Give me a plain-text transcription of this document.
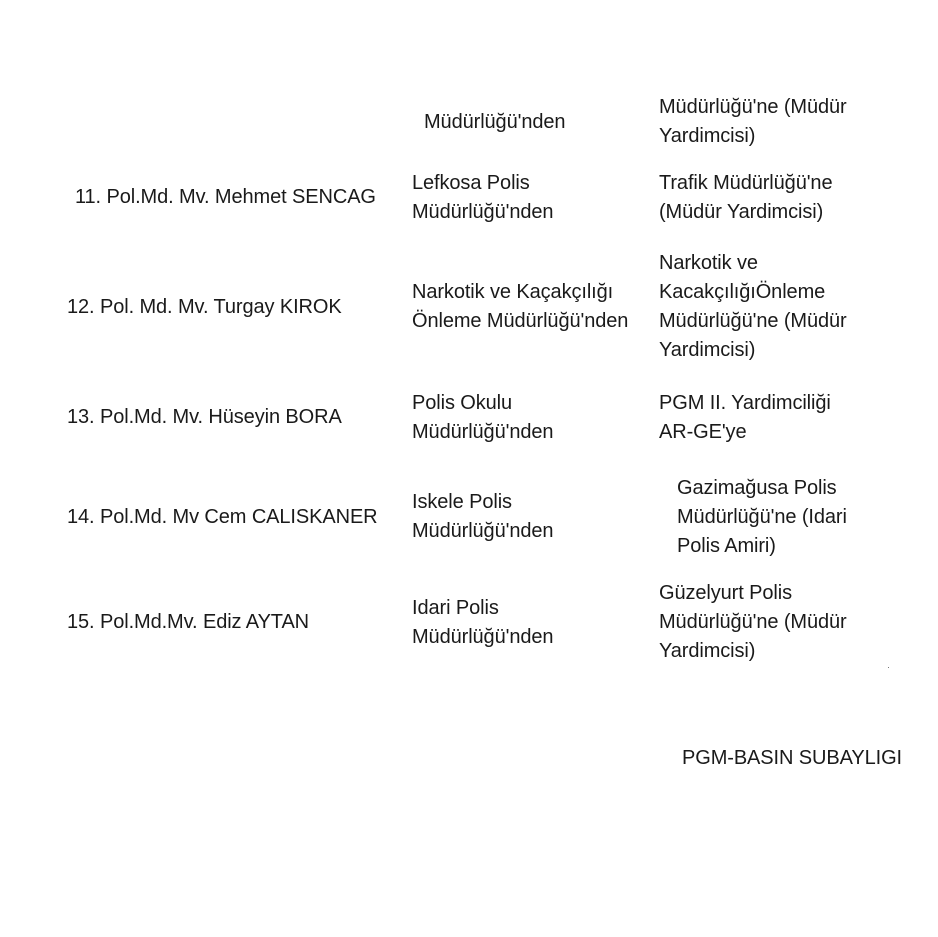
Müdürlüğü'nden
Müdürlüğü'ne (Müdür
Yardimcisi)
11. Pol.Md. Mv. Mehmet SENCAG
Lefkosa Polis
Müdürlüğü'nden
Trafik Müdürlüğü'ne
(Müdür Yardimcisi)
12. Pol. Md. Mv. Turgay KIROK
Narkotik ve Kaçakçılığı
Önleme Müdürlüğü'nden
Narkotik ve
KacakçılığıÖnleme
Müdürlüğü'ne (Müdür
Yardimcisi)
13. Pol.Md. Mv. Hüseyin BORA
Polis Okulu
Müdürlüğü'nden
PGM II. Yardimciliği
AR-GE'ye
14. Pol.Md. Mv Cem CALISKANER
Iskele Polis
Müdürlüğü'nden
Gazimağusa Polis
Müdürlüğü'ne (Idari
Polis Amiri)
15. Pol.Md.Mv. Ediz AYTAN
Idari Polis
Müdürlüğü'nden
Güzelyurt Polis
Müdürlüğü'ne (Müdür
Yardimcisi)
PGM-BASIN SUBAYLIGI
